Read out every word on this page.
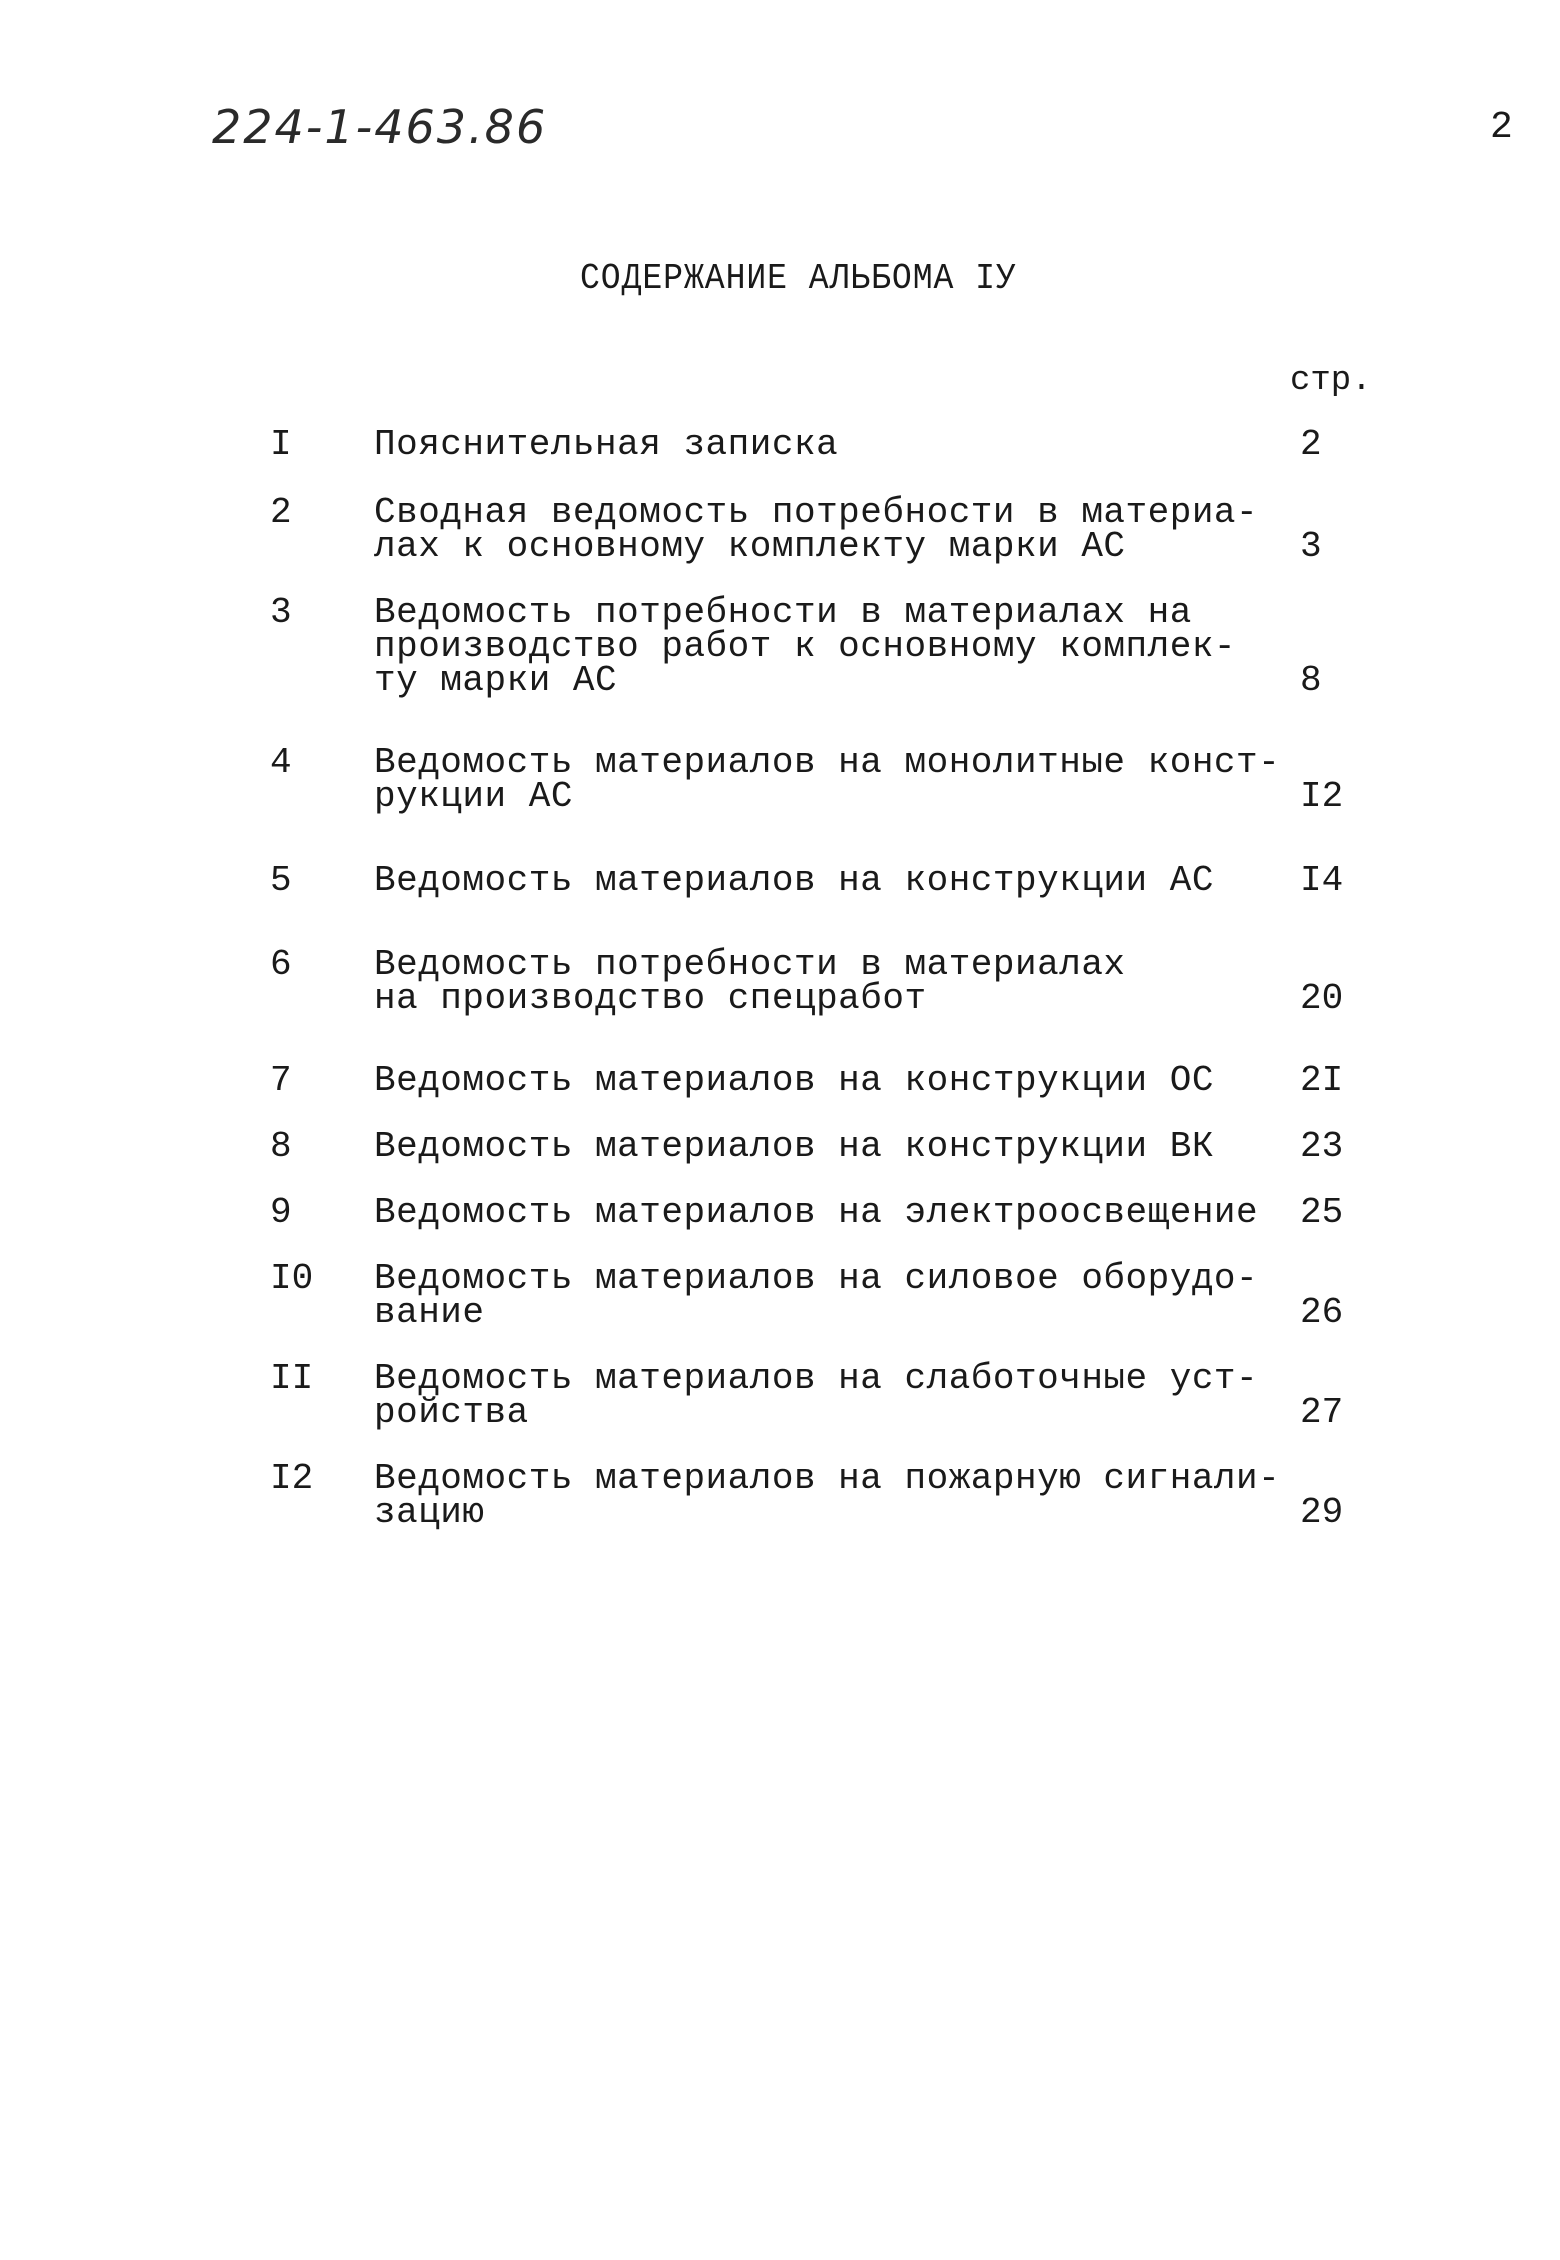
224-1-463.86	2
СОДЕРЖАНИЕ АЛЬБОМА IУ
стр.
I Пояснительная записка	2
2 Сводная ведомость потребности в материа-
лах к основному комплекту марки АС	3
3 Ведомость потребности в материалах на
производство работ к основному комплек-
ту марки АС	8
4 Ведомость материалов на монолитные конст-
рукции АС	I2
5 Ведомость материалов на конструкции АС	I4
6 Ведомость потребности в материалах
на производство спецработ	20
7 Ведомость материалов на конструкции ОС	2I
8 Ведомость материалов на конструкции ВК	23
9 Ведомость материалов на электроосвещение 25
I0 Ведомость материалов на силовое оборудо-
вание	26
II Ведомость материалов на слаботочные уст-
ройства	27
I2 Ведомость материалов на пожарную сигнали-
зацию	29
